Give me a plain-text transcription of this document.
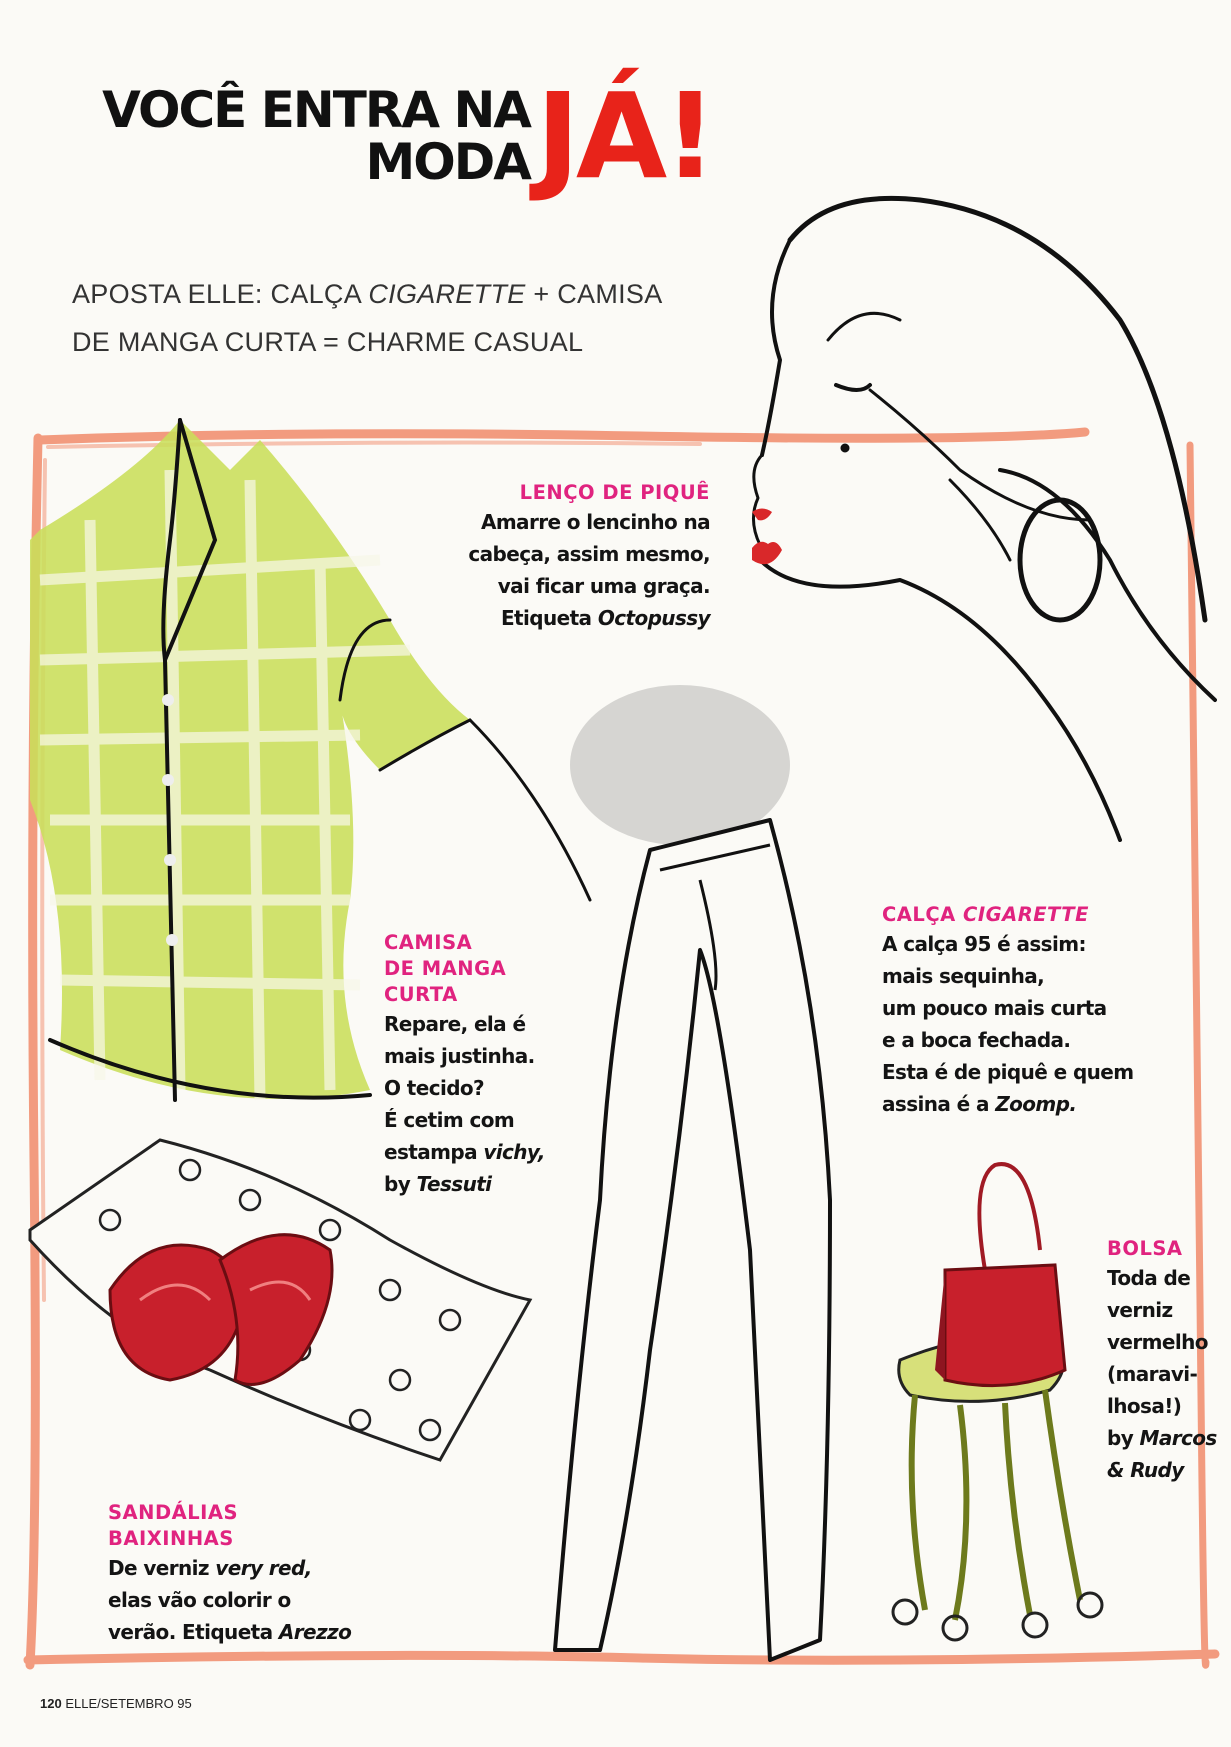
VOCÊ ENTRA NA
MODA JÁ!
APOSTA ELLE: CALÇA CIGARETTE + CAMISA
DE MANGA CURTA = CHARME CASUAL
LENÇO DE PIQUÊ
Amarre o lencinho na
cabeça, assim mesmo,
vai ficar uma graça.
Etiqueta Octopussy
CAMISA
DE MANGA
CURTA
Repare, ela é
mais justinha.
O tecido?
É cetim com
estampa vichy,
by Tessuti
CALÇA CIGARETTE
A calça 95 é assim:
mais sequinha,
um pouco mais curta
e a boca fechada.
Esta é de piquê e quem
assina é a Zoomp.
BOLSA
Toda de
verniz
vermelho
(maravi-
lhosa!)
by Marcos
& Rudy
SANDÁLIAS
BAIXINHAS
De verniz very red,
elas vão colorir o
verão. Etiqueta Arezzo
120 ELLE/SETEMBRO 95
